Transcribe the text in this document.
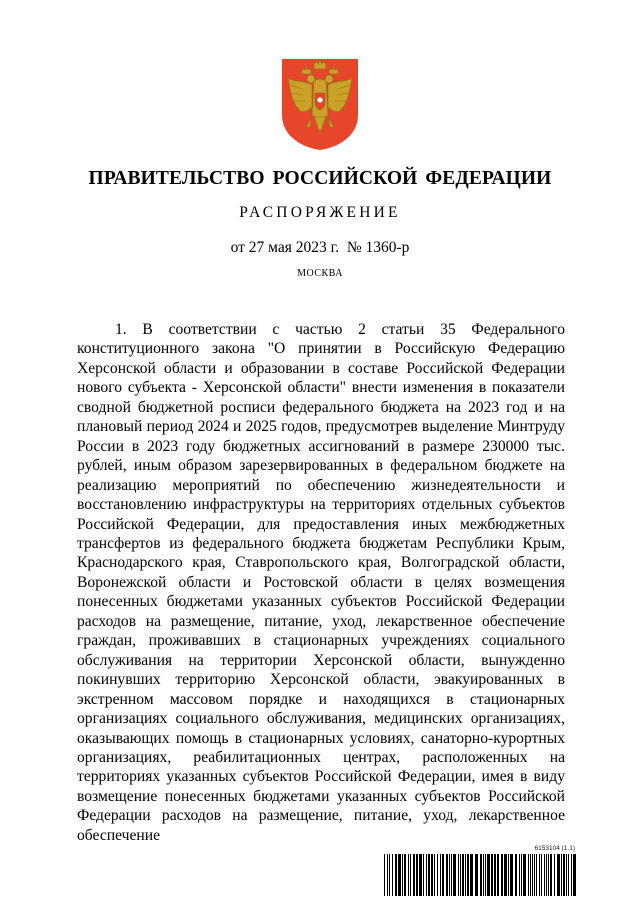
ПРАВИТЕЛЬСТВО РОССИЙСКОЙ ФЕДЕРАЦИИ
РАСПОРЯЖЕНИЕ
от 27 мая 2023 г.  № 1360-р
МОСКВА

1. В соответствии с частью 2 статьи 35 Федерального конституционного закона "О принятии в Российскую Федерацию Херсонской области и образовании в составе Российской Федерации нового субъекта - Херсонской области" внести изменения в показатели сводной бюджетной росписи федерального бюджета на 2023 год и на плановый период 2024 и 2025 годов, предусмотрев выделение Минтруду России в 2023 году бюджетных ассигнований в размере 230000 тыс. рублей, иным образом зарезервированных в федеральном бюджете на реализацию мероприятий по обеспечению жизнедеятельности и восстановлению инфраструктуры на территориях отдельных субъектов Российской Федерации, для предоставления иных межбюджетных трансфертов из федерального бюджета бюджетам Республики Крым, Краснодарского края, Ставропольского края, Волгоградской области, Воронежской области и Ростовской области в целях возмещения понесенных бюджетами указанных субъектов Российской Федерации расходов на размещение, питание, уход, лекарственное обеспечение граждан, проживавших в стационарных учреждениях социального обслуживания на территории Херсонской области, вынужденно покинувших территорию Херсонской области, эвакуированных в экстренном массовом порядке и находящихся в стационарных организациях социального обслуживания, медицинских организациях, оказывающих помощь в стационарных условиях, санаторно-курортных организациях, реабилитационных центрах, расположенных на территориях указанных субъектов Российской Федерации, имея в виду возмещение понесенных бюджетами указанных субъектов Российской Федерации расходов на размещение, питание, уход, лекарственное обеспечение

6153104 (1.1)
